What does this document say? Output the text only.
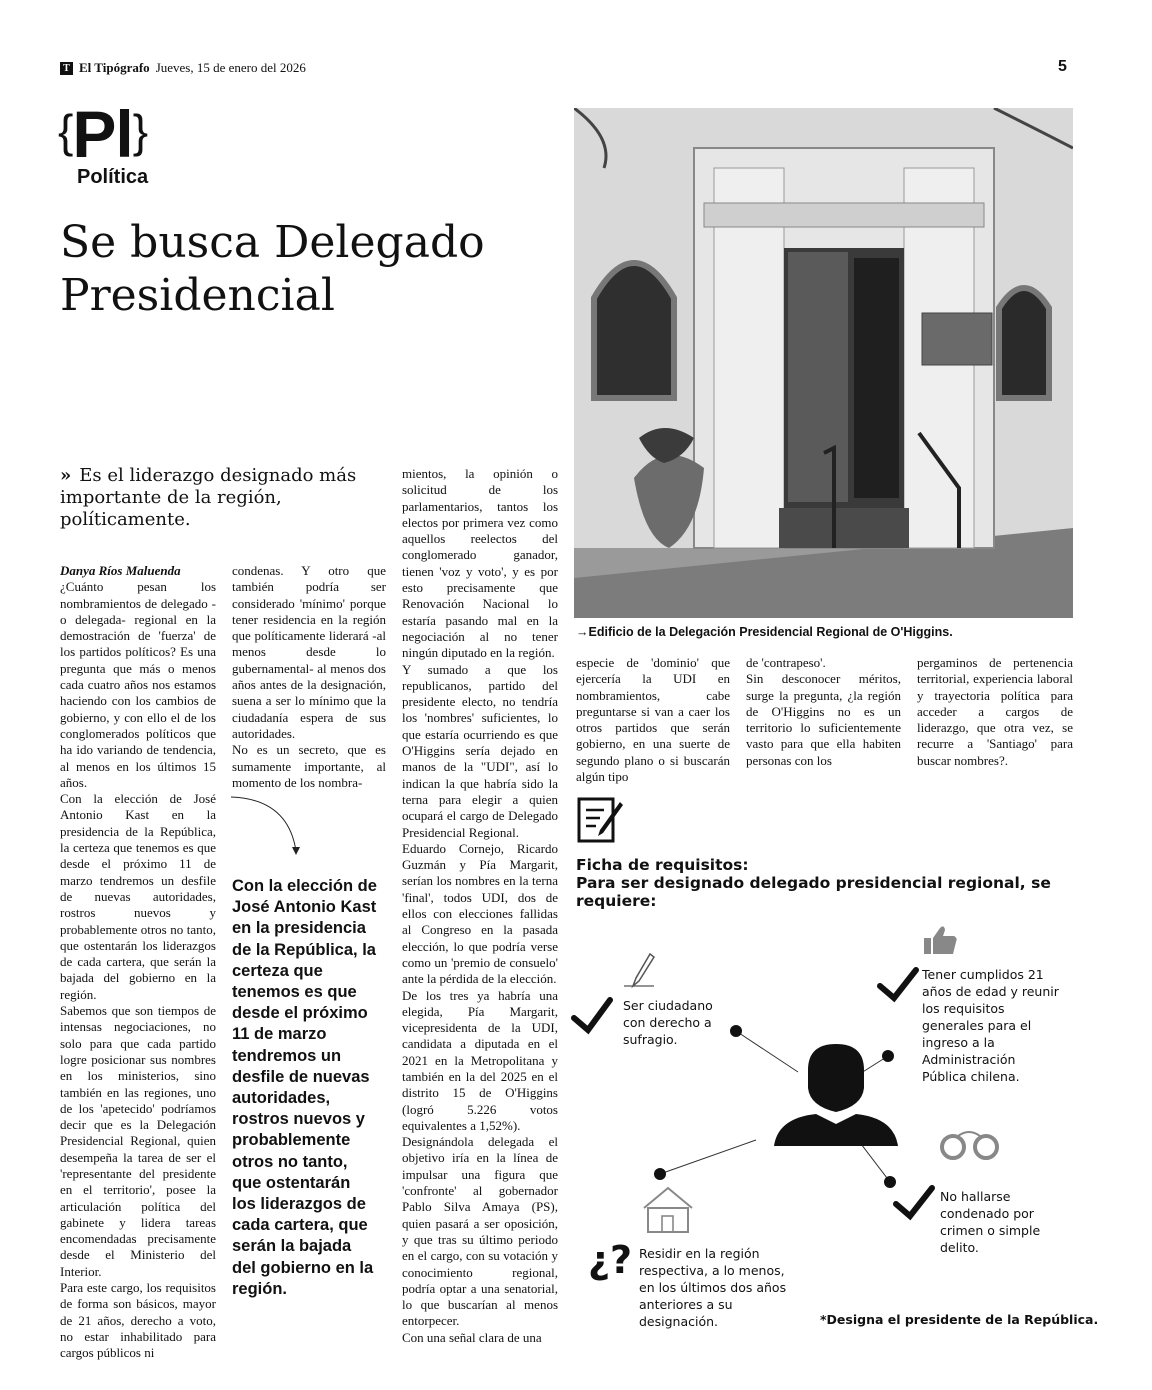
T El Tipógrafo Jueves, 15 de enero del 2026	5
{Pl}
Política
Se busca Delegado Presidencial
→Edificio de la Delegación Presidencial Regional de O'Higgins.
» Es el liderazgo designado más importante de la región, políticamente.

Danya Ríos Maluenda

¿Cuánto pesan los nombramientos de delegado -o delegada- regional en la demostración de 'fuerza' de los partidos políticos? Es una pregunta que más o menos cada cuatro años nos estamos haciendo con los cambios de gobierno, y con ello el de los conglomerados políticos que ha ido variando de tendencia, al menos en los últimos 15 años.

Con la elección de José Antonio Kast en la presidencia de la República, la certeza que tenemos es que desde el próximo 11 de marzo tendremos un desfile de nuevas autoridades, rostros nuevos y probablemente otros no tanto, que ostentarán los liderazgos de cada cartera, que serán la bajada del gobierno en la región.

Sabemos que son tiempos de intensas negociaciones, no solo para que cada partido logre posicionar sus nombres en los ministerios, sino también en las regiones, uno de los 'apetecido' podríamos decir que es la Delegación Presidencial Regional, quien desempeña la tarea de ser el 'representante del presidente en el territorio', posee la articulación política del gabinete y lidera tareas encomendadas precisamente desde el Ministerio del Interior.

Para este cargo, los requisitos de forma son básicos, mayor de 21 años, derecho a voto, no estar inhabilitado para cargos públicos ni

condenas. Y otro que también podría ser considerado 'mínimo' porque tener residencia en la región que políticamente liderará -al menos desde lo gubernamental- al menos dos años antes de la designación, suena a ser lo mínimo que la ciudadanía espera de sus autoridades.

No es un secreto, que es sumamente importante, al momento de los nombra-

Con la elección de José Antonio Kast en la presidencia de la República, la certeza que tenemos es que desde el próximo 11 de marzo tendremos un desfile de nuevas autoridades, rostros nuevos y probablemente otros no tanto, que ostentarán los liderazgos de cada cartera, que serán la bajada del gobierno en la región.

mientos, la opinión o solicitud de los parlamentarios, tantos los electos por primera vez como aquellos reelectos del conglomerado ganador, tienen 'voz y voto', y es por esto precisamente que Renovación Nacional lo estaría pasando mal en la negociación al no tener ningún diputado en la región.

Y sumado a que los republicanos, partido del presidente electo, no tendría los 'nombres' suficientes, lo que estaría ocurriendo es que O'Higgins sería dejado en manos de la "UDI", así lo indican la que habría sido la terna para elegir a quien ocupará el cargo de Delegado Presidencial Regional.

Eduardo Cornejo, Ricardo Guzmán y Pía Margarit, serían los nombres en la terna 'final', todos UDI, dos de ellos con elecciones fallidas al Congreso en la pasada elección, lo que podría verse como un 'premio de consuelo' ante la pérdida de la elección.

De los tres ya habría una elegida, Pía Margarit, vicepresidenta de la UDI, candidata a diputada en el 2021 en la Metropolitana y también en la del 2025 en el distrito 15 de O'Higgins (logró 5.226 votos equivalentes a 1,52%).

Designándola delegada el objetivo iría en la línea de impulsar una figura que 'confronte' al gobernador Pablo Silva Amaya (PS), quien pasará a ser oposición, y que tras su último periodo en el cargo, con su votación y conocimiento regional, podría optar a una senatorial, lo que buscarían al menos entorpecer.

Con una señal clara de una

especie de 'dominio' que ejercería la UDI en nombramientos, cabe preguntarse si van a caer los otros partidos que serán gobierno, en una suerte de segundo plano o si buscarán algún tipo

de 'contrapeso'.

Sin desconocer méritos, surge la pregunta, ¿la región de O'Higgins no es un territorio lo suficientemente vasto para que ella habiten personas con los

pergaminos de pertenencia territorial, experiencia laboral y trayectoria política para acceder a cargos de liderazgo, que otra vez, se recurre a 'Santiago' para buscar nombres?.

Ficha de requisitos:
Para ser designado delegado presidencial regional, se requiere:
¿?
Ser ciudadano con derecho a sufragio.
Tener cumplidos 21 años de edad y reunir los requisitos generales para el ingreso a la Administración Pública chilena.
No hallarse condenado por crimen o simple delito.
Residir en la región respectiva, a lo menos, en los últimos dos años anteriores a su designación.	*Designa el presidente de la República.
